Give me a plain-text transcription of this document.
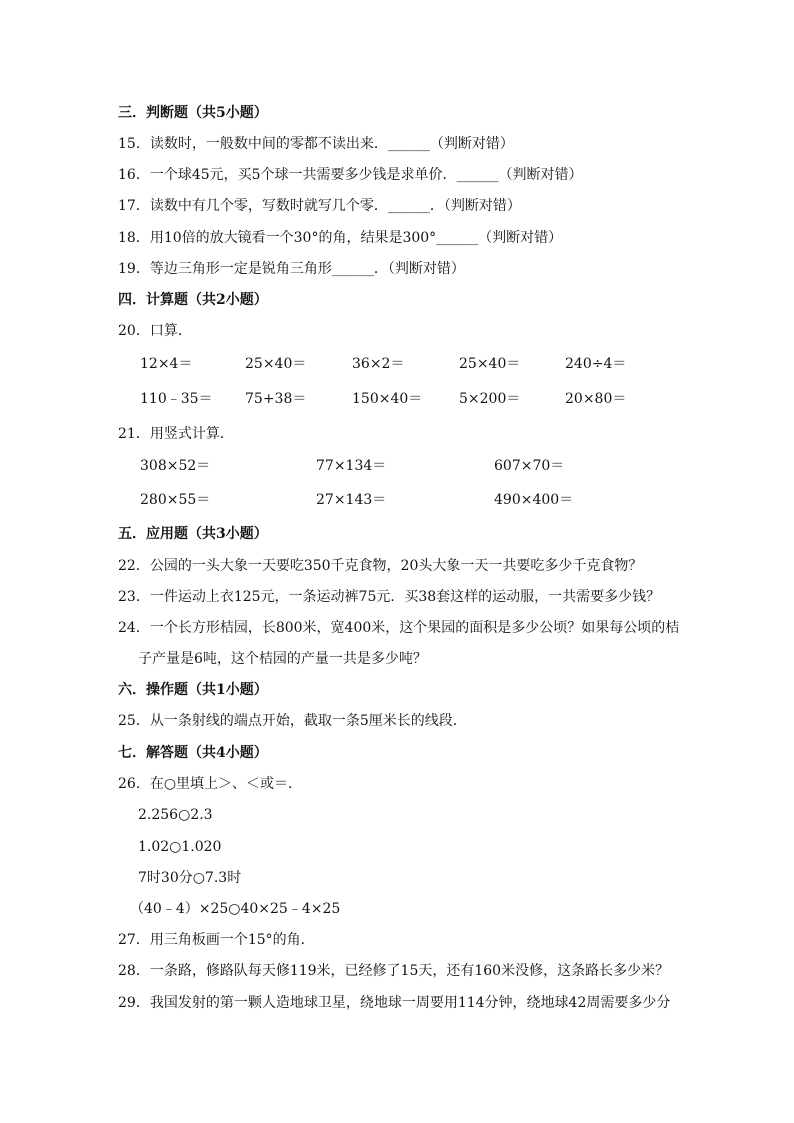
三．判断题（共5小题）
15．读数时，一般数中间的零都不读出来．______（判断对错）
16．一个球45元，买5个球一共需要多少钱是求单价．______（判断对错）
17．读数中有几个零，写数时就写几个零．______．（判断对错）
18．用10倍的放大镜看一个30°的角，结果是300°______（判断对错）
19．等边三角形一定是锐角三角形______．（判断对错）
四．计算题（共2小题）
20．口算．
12×4＝	25×40＝	36×2＝	25×40＝	240÷4＝
110﹣35＝ 75+38＝	150×40＝	5×200＝	20×80＝
21．用竖式计算．
308×52＝	77×134＝	607×70＝
280×55＝	27×143＝	490×400＝
五．应用题（共3小题）
22．公园的一头大象一天要吃350千克食物，20头大象一天一共要吃多少千克食物？
23．一件运动上衣125元，一条运动裤75元．买38套这样的运动服，一共需要多少钱？
24．一个长方形桔园，长800米，宽400米，这个果园的面积是多少公顷？如果每公顷的桔
子产量是6吨，这个桔园的产量一共是多少吨？
六．操作题（共1小题）
25．从一条射线的端点开始，截取一条5厘米长的线段．
七．解答题（共4小题）
26．在○里填上＞、＜或＝．
2.256○2.3
1.02○1.020
7时30分○7.3时
（40﹣4）×25○40×25﹣4×25
27．用三角板画一个15°的角．
28．一条路，修路队每天修119米，已经修了15天，还有160米没修，这条路长多少米？
29．我国发射的第一颗人造地球卫星，绕地球一周要用114分钟，绕地球42周需要多少分
